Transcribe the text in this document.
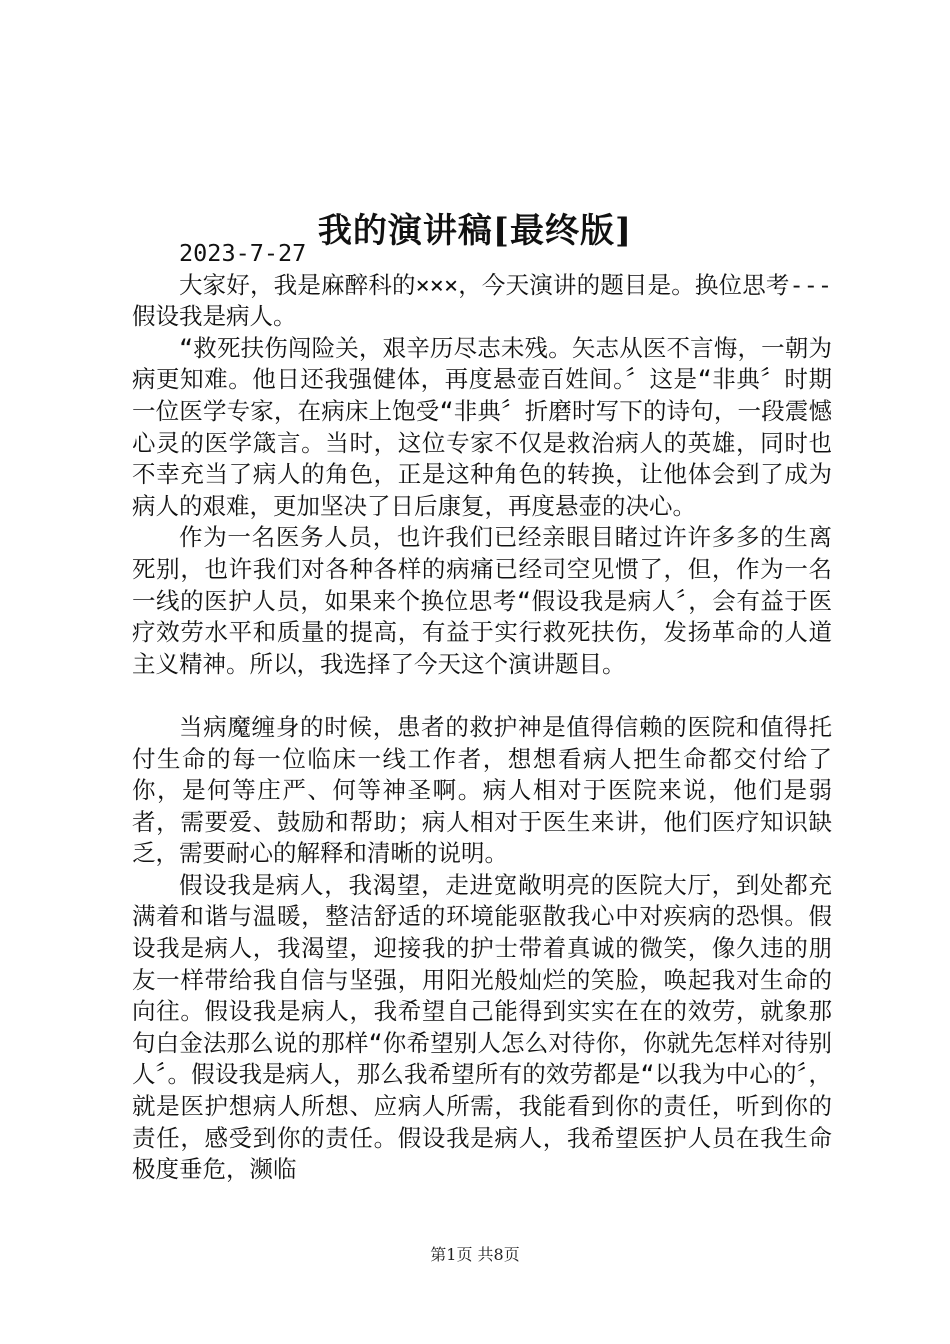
我的演讲稿[最终版]

2023-7-27

大家好，我是麻醉科的×××，今天演讲的题目是。换位思考---假设我是病人。

“救死扶伤闯险关，艰辛历尽志未残。矢志从医不言悔，一朝为病更知难。他日还我强健体，再度悬壶百姓间。〞这是“非典〞时期一位医学专家，在病床上饱受“非典〞折磨时写下的诗句，一段震憾心灵的医学箴言。当时，这位专家不仅是救治病人的英雄，同时也不幸充当了病人的角色，正是这种角色的转换，让他体会到了成为病人的艰难，更加坚决了日后康复，再度悬壶的决心。

作为一名医务人员，也许我们已经亲眼目睹过许许多多的生离死别，也许我们对各种各样的病痛已经司空见惯了，但，作为一名一线的医护人员，如果来个换位思考“假设我是病人〞，会有益于医疗效劳水平和质量的提高，有益于实行救死扶伤，发扬革命的人道主义精神。所以，我选择了今天这个演讲题目。

当病魔缠身的时候，患者的救护神是值得信赖的医院和值得托付生命的每一位临床一线工作者，想想看病人把生命都交付给了你，是何等庄严、何等神圣啊。病人相对于医院来说，他们是弱者，需要爱、鼓励和帮助；病人相对于医生来讲，他们医疗知识缺乏，需要耐心的解释和清晰的说明。

假设我是病人，我渴望，走进宽敞明亮的医院大厅，到处都充满着和谐与温暖，整洁舒适的环境能驱散我心中对疾病的恐惧。假设我是病人，我渴望，迎接我的护士带着真诚的微笑，像久违的朋友一样带给我自信与坚强，用阳光般灿烂的笑脸，唤起我对生命的向往。假设我是病人，我希望自己能得到实实在在的效劳，就象那句白金法那么说的那样“你希望别人怎么对待你，你就先怎样对待别人〞。假设我是病人，那么我希望所有的效劳都是“以我为中心的〞，就是医护想病人所想、应病人所需，我能看到你的责任，听到你的责任，感受到你的责任。假设我是病人，我希望医护人员在我生命极度垂危，濒临

第1页 共8页
